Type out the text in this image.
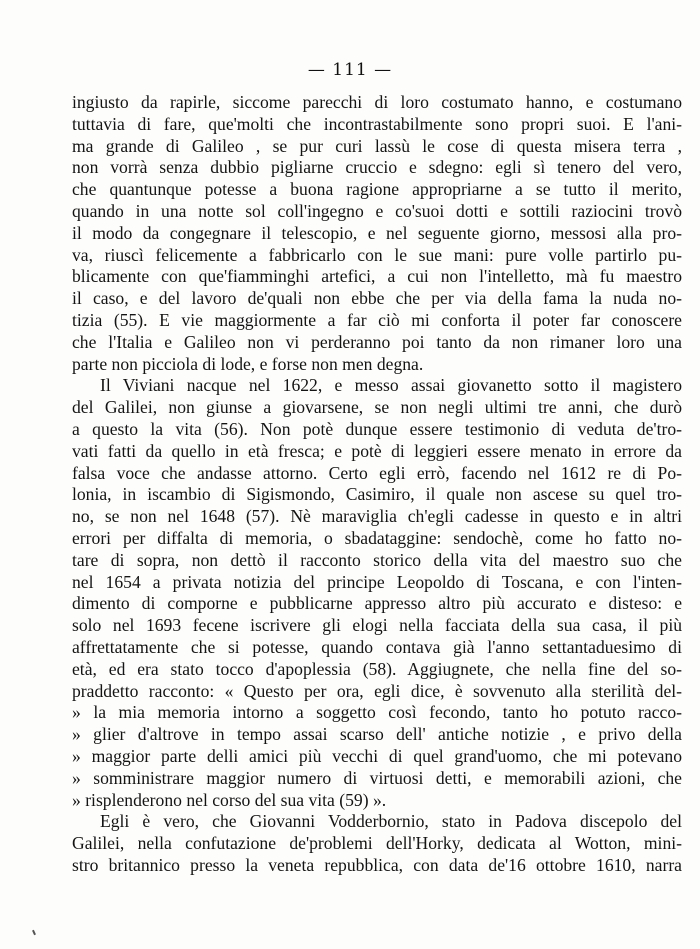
— 111 —
ingiusto da rapirle, siccome parecchi di loro costumato hanno, e costumano
tuttavia di fare, que'molti che incontrastabilmente sono propri suoi. E l'ani-
ma grande di Galileo , se pur curi lassù le cose di questa misera terra ,
non vorrà senza dubbio pigliarne cruccio e sdegno: egli sì tenero del vero,
che quantunque potesse a buona ragione appropriarne a se tutto il merito,
quando in una notte sol coll'ingegno e co'suoi dotti e sottili raziocini trovò
il modo da congegnare il telescopio, e nel seguente giorno, messosi alla pro-
va, riuscì felicemente a fabbricarlo con le sue mani: pure volle partirlo pu-
blicamente con que'fiamminghi artefici, a cui non l'intelletto, mà fu maestro
il caso, e del lavoro de'quali non ebbe che per via della fama la nuda no-
tizia (55). E vie maggiormente a far ciò mi conforta il poter far conoscere
che l'Italia e Galileo non vi perderanno poi tanto da non rimaner loro una
parte non picciola di lode, e forse non men degna.
Il Viviani nacque nel 1622, e messo assai giovanetto sotto il magistero
del Galilei, non giunse a giovarsene, se non negli ultimi tre anni, che durò
a questo la vita (56). Non potè dunque essere testimonio di veduta de'tro-
vati fatti da quello in età fresca; e potè di leggieri essere menato in errore da
falsa voce che andasse attorno. Certo egli errò, facendo nel 1612 re di Po-
lonia, in iscambio di Sigismondo, Casimiro, il quale non ascese su quel tro-
no, se non nel 1648 (57). Nè maraviglia ch'egli cadesse in questo e in altri
errori per diffalta di memoria, o sbadataggine: sendochè, come ho fatto no-
tare di sopra, non dettò il racconto storico della vita del maestro suo che
nel 1654 a privata notizia del principe Leopoldo di Toscana, e con l'inten-
dimento di comporne e pubblicarne appresso altro più accurato e disteso: e
solo nel 1693 fecene iscrivere gli elogi nella facciata della sua casa, il più
affrettatamente che si potesse, quando contava già l'anno settantaduesimo di
età, ed era stato tocco d'apoplessia (58). Aggiugnete, che nella fine del so-
praddetto racconto: « Questo per ora, egli dice, è sovvenuto alla sterilità del-
» la mia memoria intorno a soggetto così fecondo, tanto ho potuto racco-
» glier d'altrove in tempo assai scarso dell' antiche notizie , e privo della
» maggior parte delli amici più vecchi di quel grand'uomo, che mi potevano
» somministrare maggior numero di virtuosi detti, e memorabili azioni, che
» risplenderono nel corso del sua vita (59) ».
Egli è vero, che Giovanni Vodderbornio, stato in Padova discepolo del
Galilei, nella confutazione de'problemi dell'Horky, dedicata al Wotton, mini-
stro britannico presso la veneta repubblica, con data de'16 ottobre 1610, narra
